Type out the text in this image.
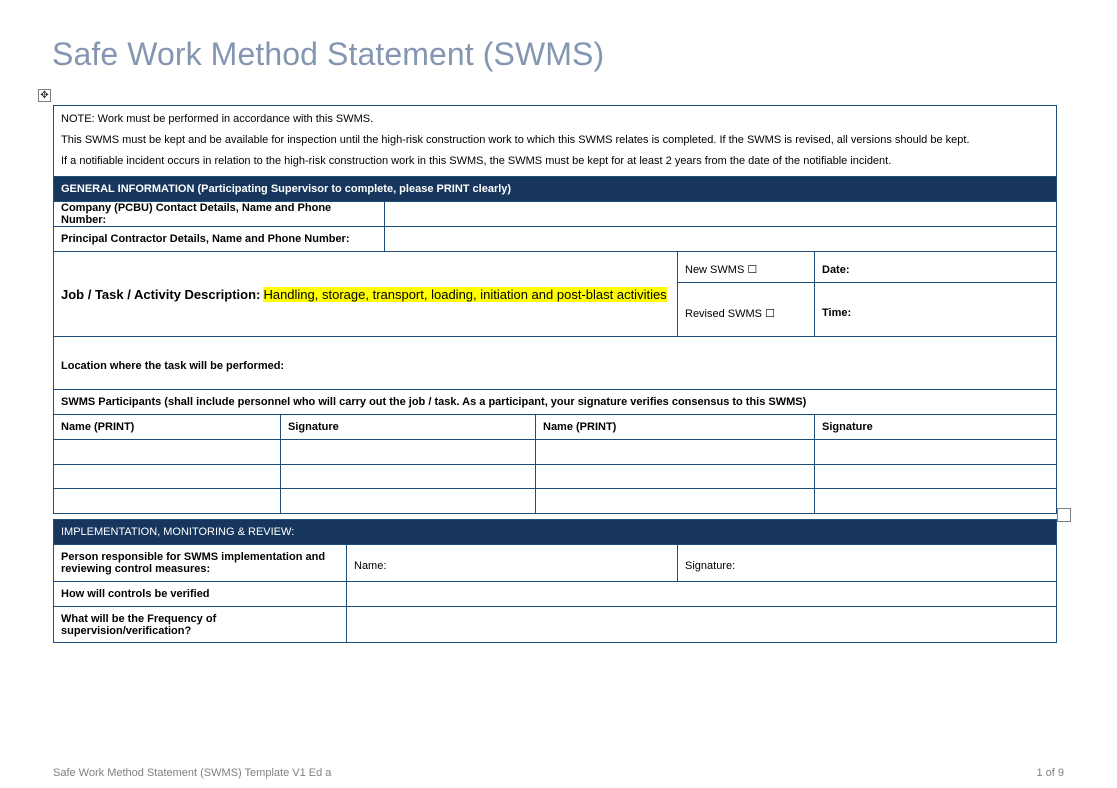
Safe Work Method Statement (SWMS)
✥
NOTE: Work must be performed in accordance with this SWMS.
This SWMS must be kept and be available for inspection until the high-risk construction work to which this SWMS relates is completed. If the SWMS is revised, all versions should be kept.
If a notifiable incident occurs in relation to the high-risk construction work in this SWMS, the SWMS must be kept for at least 2 years from the date of the notifiable incident.					

GENERAL INFORMATION (Participating Supervisor to complete, please PRINT clearly)					
Company (PCBU) Contact Details, Name and Phone Number:					
Principal Contractor Details, Name and Phone Number:					

Job / Task / Activity Description: Handling, storage, transport, loading, initiation and post-blast activities				New SWMS ☐	Date:
				Revised SWMS ☐	Time:
Location where the task will be performed:					
SWMS Participants (shall include personnel who will carry out the job / task. As a participant, your signature verifies consensus to this SWMS)					
Name (PRINT)	Signature		Name (PRINT)		Signature

IMPLEMENTATION, MONITORING & REVIEW:		
Person responsible for SWMS implementation and reviewing control measures:	Name:	Signature:
How will controls be verified		
What will be the Frequency of supervision/verification?		
Safe Work Method Statement (SWMS) Template V1 Ed a	1 of 9
